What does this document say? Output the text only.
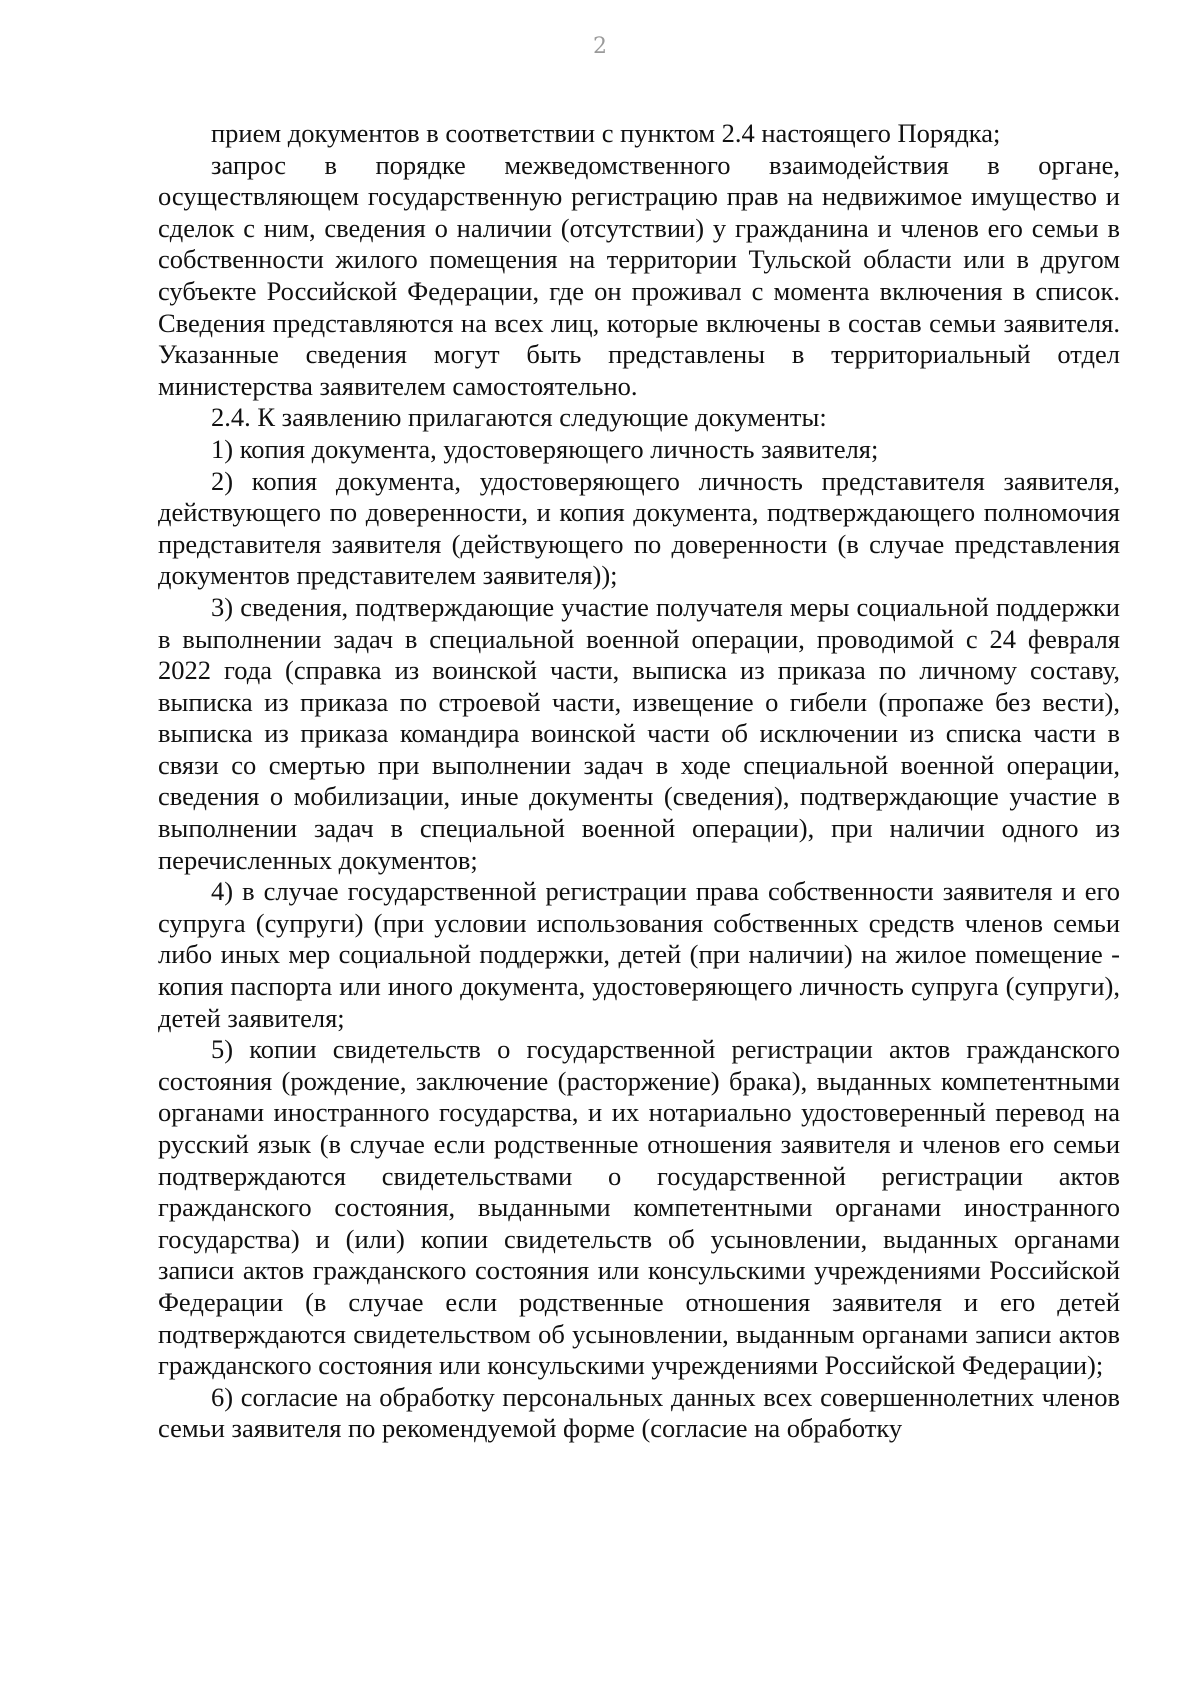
2

прием документов в соответствии с пунктом 2.4 настоящего Порядка;

запрос в порядке межведомственного взаимодействия в органе, осуществляющем государственную регистрацию прав на недвижимое имущество и сделок с ним, сведения о наличии (отсутствии) у гражданина и членов его семьи в собственности жилого помещения на территории Тульской области или в другом субъекте Российской Федерации, где он проживал с момента включения в список. Сведения представляются на всех лиц, которые включены в состав семьи заявителя. Указанные сведения могут быть представлены в территориальный отдел министерства заявителем самостоятельно.

2.4. К заявлению прилагаются следующие документы:

1) копия документа, удостоверяющего личность заявителя;

2) копия документа, удостоверяющего личность представителя заявителя, действующего по доверенности, и копия документа, подтверждающего полномочия представителя заявителя (действующего по доверенности (в случае представления документов представителем заявителя));

3) сведения, подтверждающие участие получателя меры социальной поддержки в выполнении задач в специальной военной операции, проводимой с 24 февраля 2022 года (справка из воинской части, выписка из приказа по личному составу, выписка из приказа по строевой части, извещение о гибели (пропаже без вести), выписка из приказа командира воинской части об исключении из списка части в связи со смертью при выполнении задач в ходе специальной военной операции, сведения о мобилизации, иные документы (сведения), подтверждающие участие в выполнении задач в специальной военной операции), при наличии одного из перечисленных документов;

4) в случае государственной регистрации права собственности заявителя и его супруга (супруги) (при условии использования собственных средств членов семьи либо иных мер социальной поддержки, детей (при наличии) на жилое помещение - копия паспорта или иного документа, удостоверяющего личность супруга (супруги), детей заявителя;

5) копии свидетельств о государственной регистрации актов гражданского состояния (рождение, заключение (расторжение) брака), выданных компетентными органами иностранного государства, и их нотариально удостоверенный перевод на русский язык (в случае если родственные отношения заявителя и членов его семьи подтверждаются свидетельствами о государственной регистрации актов гражданского состояния, выданными компетентными органами иностранного государства) и (или) копии свидетельств об усыновлении, выданных органами записи актов гражданского состояния или консульскими учреждениями Российской Федерации (в случае если родственные отношения заявителя и его детей подтверждаются свидетельством об усыновлении, выданным органами записи актов гражданского состояния или консульскими учреждениями Российской Федерации);

6) согласие на обработку персональных данных всех совершеннолетних членов семьи заявителя по рекомендуемой форме (согласие на обработку
